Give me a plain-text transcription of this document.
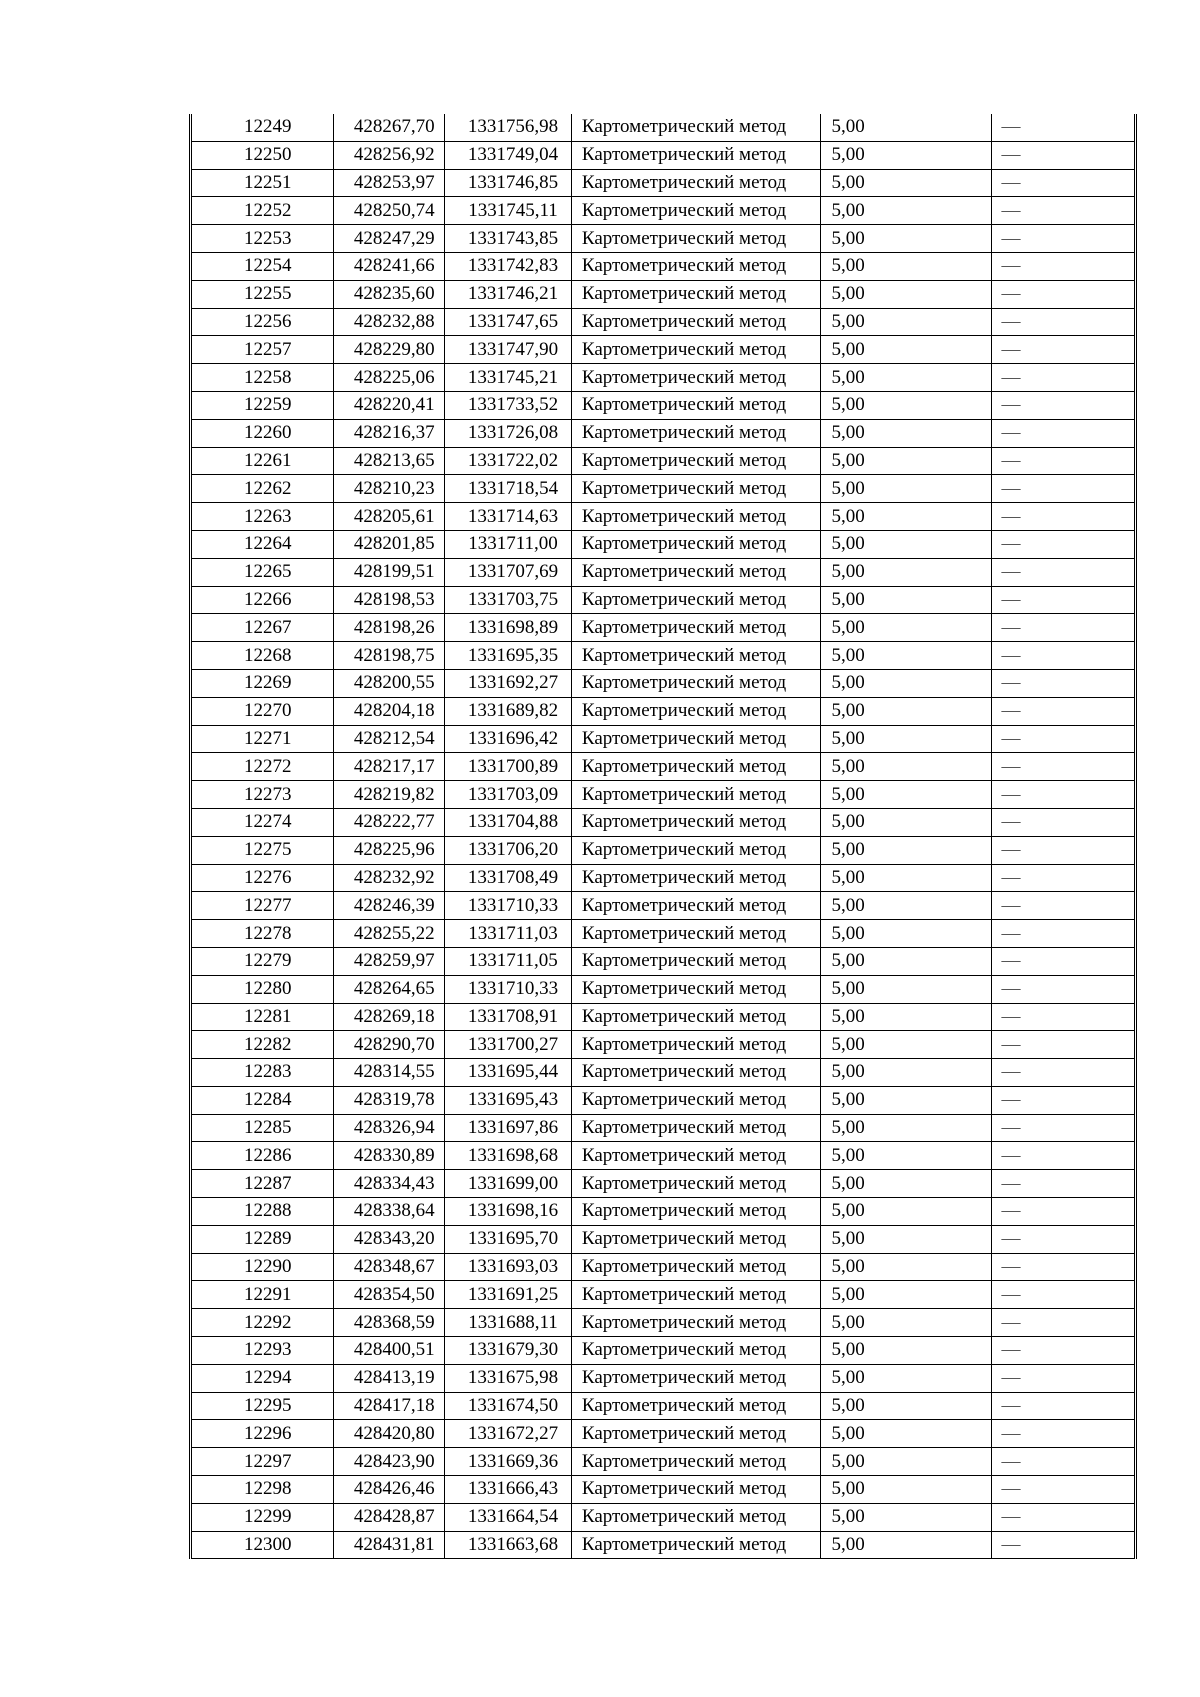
12249	428267,70	1331756,98	Картометрический метод	5,00	—
12250	428256,92	1331749,04	Картометрический метод	5,00	—
12251	428253,97	1331746,85	Картометрический метод	5,00	—
12252	428250,74	1331745,11	Картометрический метод	5,00	—
12253	428247,29	1331743,85	Картометрический метод	5,00	—
12254	428241,66	1331742,83	Картометрический метод	5,00	—
12255	428235,60	1331746,21	Картометрический метод	5,00	—
12256	428232,88	1331747,65	Картометрический метод	5,00	—
12257	428229,80	1331747,90	Картометрический метод	5,00	—
12258	428225,06	1331745,21	Картометрический метод	5,00	—
12259	428220,41	1331733,52	Картометрический метод	5,00	—
12260	428216,37	1331726,08	Картометрический метод	5,00	—
12261	428213,65	1331722,02	Картометрический метод	5,00	—
12262	428210,23	1331718,54	Картометрический метод	5,00	—
12263	428205,61	1331714,63	Картометрический метод	5,00	—
12264	428201,85	1331711,00	Картометрический метод	5,00	—
12265	428199,51	1331707,69	Картометрический метод	5,00	—
12266	428198,53	1331703,75	Картометрический метод	5,00	—
12267	428198,26	1331698,89	Картометрический метод	5,00	—
12268	428198,75	1331695,35	Картометрический метод	5,00	—
12269	428200,55	1331692,27	Картометрический метод	5,00	—
12270	428204,18	1331689,82	Картометрический метод	5,00	—
12271	428212,54	1331696,42	Картометрический метод	5,00	—
12272	428217,17	1331700,89	Картометрический метод	5,00	—
12273	428219,82	1331703,09	Картометрический метод	5,00	—
12274	428222,77	1331704,88	Картометрический метод	5,00	—
12275	428225,96	1331706,20	Картометрический метод	5,00	—
12276	428232,92	1331708,49	Картометрический метод	5,00	—
12277	428246,39	1331710,33	Картометрический метод	5,00	—
12278	428255,22	1331711,03	Картометрический метод	5,00	—
12279	428259,97	1331711,05	Картометрический метод	5,00	—
12280	428264,65	1331710,33	Картометрический метод	5,00	—
12281	428269,18	1331708,91	Картометрический метод	5,00	—
12282	428290,70	1331700,27	Картометрический метод	5,00	—
12283	428314,55	1331695,44	Картометрический метод	5,00	—
12284	428319,78	1331695,43	Картометрический метод	5,00	—
12285	428326,94	1331697,86	Картометрический метод	5,00	—
12286	428330,89	1331698,68	Картометрический метод	5,00	—
12287	428334,43	1331699,00	Картометрический метод	5,00	—
12288	428338,64	1331698,16	Картометрический метод	5,00	—
12289	428343,20	1331695,70	Картометрический метод	5,00	—
12290	428348,67	1331693,03	Картометрический метод	5,00	—
12291	428354,50	1331691,25	Картометрический метод	5,00	—
12292	428368,59	1331688,11	Картометрический метод	5,00	—
12293	428400,51	1331679,30	Картометрический метод	5,00	—
12294	428413,19	1331675,98	Картометрический метод	5,00	—
12295	428417,18	1331674,50	Картометрический метод	5,00	—
12296	428420,80	1331672,27	Картометрический метод	5,00	—
12297	428423,90	1331669,36	Картометрический метод	5,00	—
12298	428426,46	1331666,43	Картометрический метод	5,00	—
12299	428428,87	1331664,54	Картометрический метод	5,00	—
12300	428431,81	1331663,68	Картометрический метод	5,00	—
